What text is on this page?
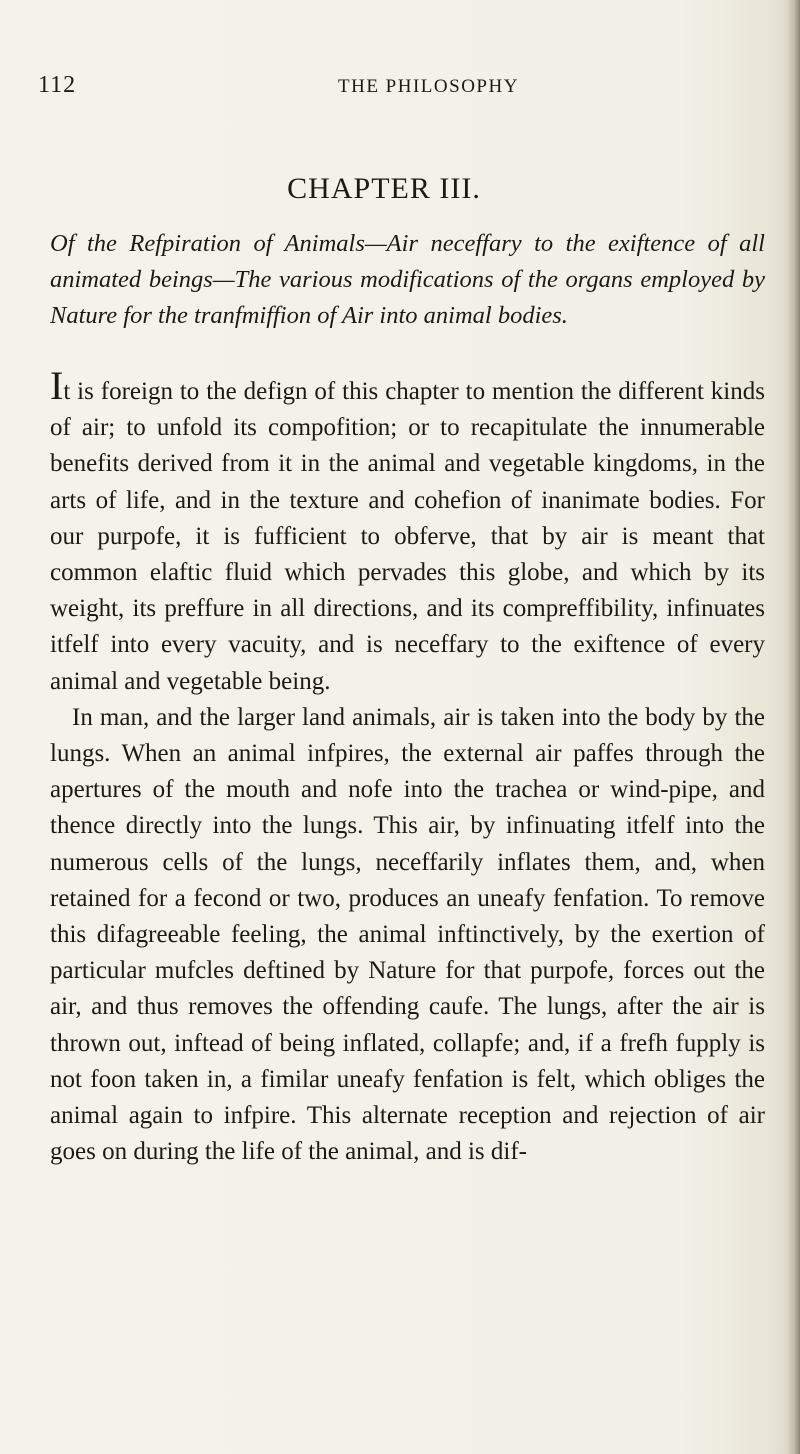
112	THE PHILOSOPHY
CHAPTER III.
Of the Refpiration of Animals—Air neceffary to the exiftence of all animated beings—The various modifications of the organs employed by Nature for the tranfmiffion of Air into animal bodies.

It is foreign to the defign of this chapter to mention the different kinds of air; to unfold its compofition; or to recapitulate the innumerable benefits derived from it in the animal and vegetable kingdoms, in the arts of life, and in the texture and cohefion of inanimate bodies. For our purpofe, it is fufficient to obferve, that by air is meant that common elaftic fluid which pervades this globe, and which by its weight, its preffure in all directions, and its compreffibility, infinuates itfelf into every vacuity, and is neceffary to the exiftence of every animal and vegetable being.

In man, and the larger land animals, air is taken into the body by the lungs. When an animal infpires, the external air paffes through the apertures of the mouth and nofe into the trachea or wind-pipe, and thence directly into the lungs. This air, by infinuating itfelf into the numerous cells of the lungs, neceffarily inflates them, and, when retained for a fecond or two, produces an uneafy fenfation. To remove this difagreeable feeling, the animal inftinctively, by the exertion of particular mufcles deftined by Nature for that purpofe, forces out the air, and thus removes the offending caufe. The lungs, after the air is thrown out, inftead of being inflated, collapfe; and, if a frefh fupply is not foon taken in, a fimilar uneafy fenfation is felt, which obliges the animal again to infpire. This alternate reception and rejection of air goes on during the life of the animal, and is dif-
